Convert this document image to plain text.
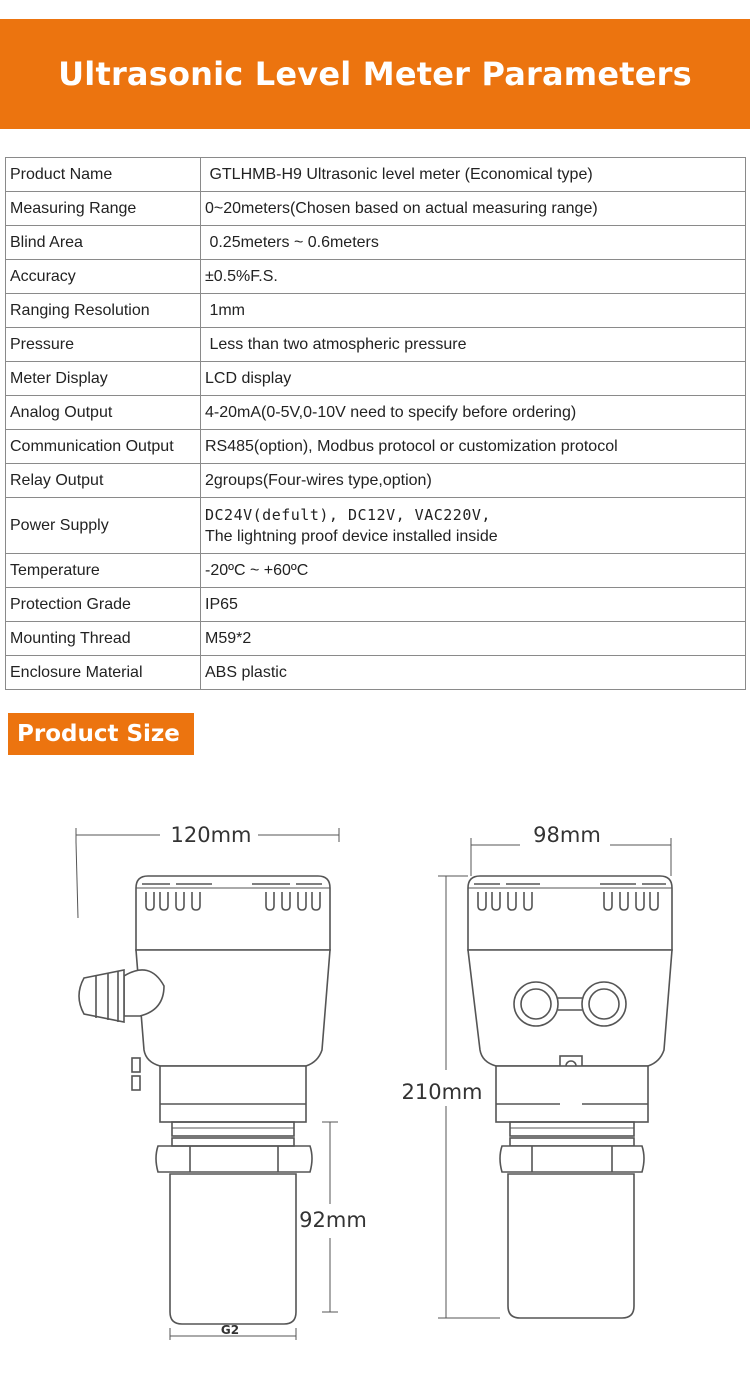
Ultrasonic Level Meter Parameters
Product Name	GTLHMB-H9 Ultrasonic level meter (Economical type)
Measuring Range	0~20meters(Chosen based on actual measuring range)
Blind Area	0.25meters ~ 0.6meters
Accuracy	±0.5%F.S.
Ranging Resolution	1mm
Pressure	Less than two atmospheric pressure
Meter Display	LCD display
Analog Output	4-20mA(0-5V,0-10V need to specify before ordering)
Communication Output	RS485(option), Modbus protocol or customization protocol
Relay Output	2groups(Four-wires type,option)
Power Supply	DC24V(defult), DC12V, VAC220V,
The lightning proof device installed inside

Temperature	-20ºC ~ +60ºC
Protection Grade	IP65
Mounting Thread	M59*2
Enclosure Material	ABS plastic
Product Size
120mm	98mm
210mm
92mm
G2
